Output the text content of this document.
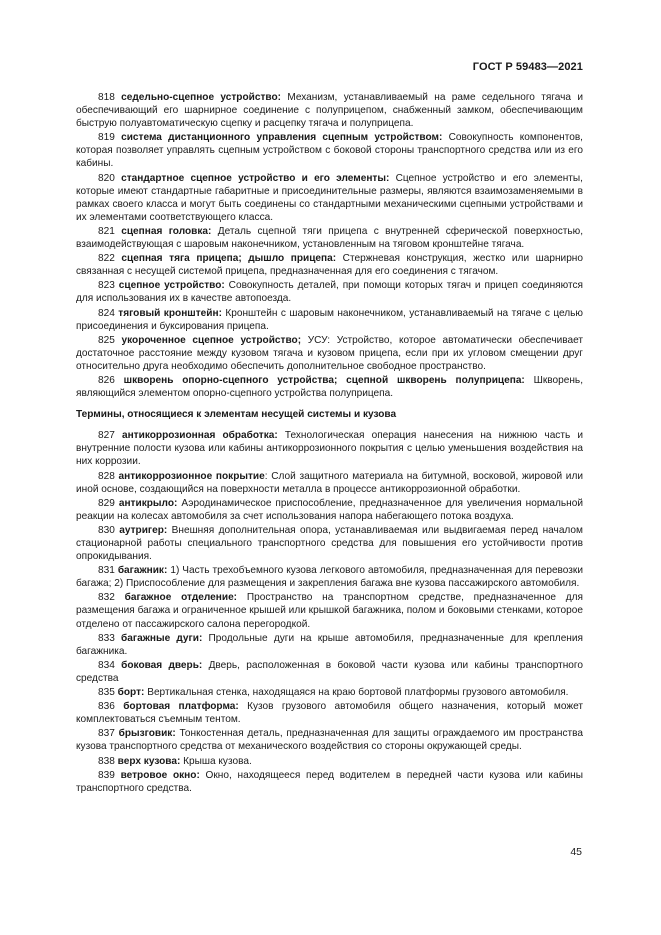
ГОСТ Р 59483—2021

818 седельно-сцепное устройство: Механизм, устанавливаемый на раме седельного тягача и обеспечивающий его шарнирное соединение с полуприцепом, снабженный замком, обеспечивающим быструю полуавтоматическую сцепку и расцепку тягача и полуприцепа.

819 система дистанционного управления сцепным устройством: Совокупность компонентов, которая позволяет управлять сцепным устройством с боковой стороны транспортного средства или из его кабины.

820 стандартное сцепное устройство и его элементы: Сцепное устройство и его элементы, которые имеют стандартные габаритные и присоединительные размеры, являются взаимозаменяемыми в рамках своего класса и могут быть соединены со стандартными механическими сцепными устройствами и их элементами соответствующего класса.

821 сцепная головка: Деталь сцепной тяги прицепа с внутренней сферической поверхностью, взаимодействующая с шаровым наконечником, установленным на тяговом кронштейне тягача.

822 сцепная тяга прицепа; дышло прицепа: Стержневая конструкция, жестко или шарнирно связанная с несущей системой прицепа, предназначенная для его соединения с тягачом.

823 сцепное устройство: Совокупность деталей, при помощи которых тягач и прицеп соединяются для использования их в качестве автопоезда.

824 тяговый кронштейн: Кронштейн с шаровым наконечником, устанавливаемый на тягаче с целью присоединения и буксирования прицепа.

825 укороченное сцепное устройство; УСУ: Устройство, которое автоматически обеспечивает достаточное расстояние между кузовом тягача и кузовом прицепа, если при их угловом смещении друг относительно друга необходимо обеспечить дополнительное свободное пространство.

826 шкворень опорно-сцепного устройства; сцепной шкворень полуприцепа: Шкворень, являющийся элементом опорно-сцепного устройства полуприцепа.

Термины, относящиеся к элементам несущей системы и кузова

827 антикоррозионная обработка: Технологическая операция нанесения на нижнюю часть и внутренние полости кузова или кабины антикоррозионного покрытия с целью уменьшения воздействия на них коррозии.

828 антикоррозионное покрытие: Слой защитного материала на битумной, восковой, жировой или иной основе, создающийся на поверхности металла в процессе антикоррозионной обработки.

829 антикрыло: Аэродинамическое приспособление, предназначенное для увеличения нормальной реакции на колесах автомобиля за счет использования напора набегающего потока воздуха.

830 аутригер: Внешняя дополнительная опора, устанавливаемая или выдвигаемая перед началом стационарной работы специального транспортного средства для повышения его устойчивости против опрокидывания.

831 багажник: 1) Часть трехобъемного кузова легкового автомобиля, предназначенная для перевозки багажа; 2) Приспособление для размещения и закрепления багажа вне кузова пассажирского автомобиля.

832 багажное отделение: Пространство на транспортном средстве, предназначенное для размещения багажа и ограниченное крышей или крышкой багажника, полом и боковыми стенками, которое отделено от пассажирского салона перегородкой.

833 багажные дуги: Продольные дуги на крыше автомобиля, предназначенные для крепления багажника.

834 боковая дверь: Дверь, расположенная в боковой части кузова или кабины транспортного средства

835 борт: Вертикальная стенка, находящаяся на краю бортовой платформы грузового автомобиля.

836 бортовая платформа: Кузов грузового автомобиля общего назначения, который может комплектоваться съемным тентом.

837 брызговик: Тонкостенная деталь, предназначенная для защиты ограждаемого им пространства кузова транспортного средства от механического воздействия со стороны окружающей среды.

838 верх кузова: Крыша кузова.

839 ветровое окно: Окно, находящееся перед водителем в передней части кузова или кабины транспортного средства.

45
